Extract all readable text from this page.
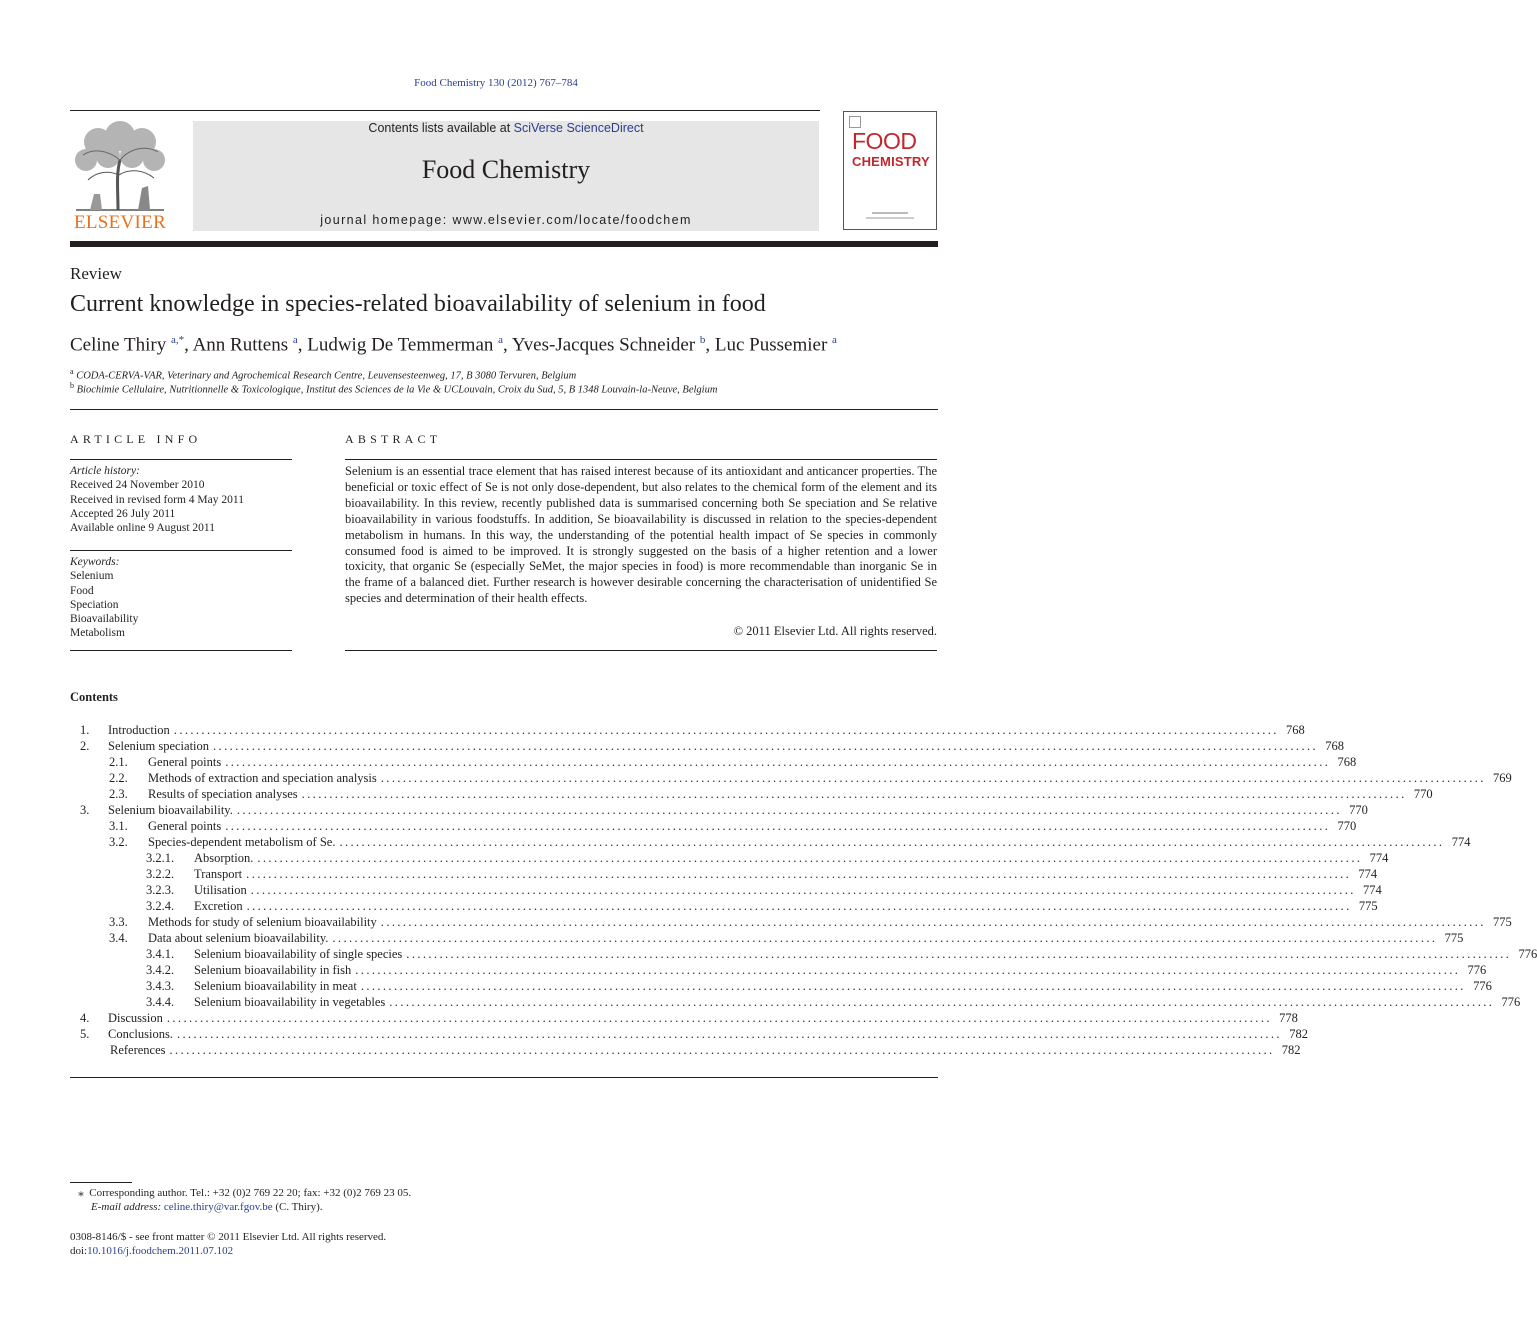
Food Chemistry 130 (2012) 767–784
ELSEVIER
Contents lists available at SciVerse ScienceDirect
Food Chemistry
journal homepage: www.elsevier.com/locate/foodchem
FOOD
CHEMISTRY
Review
Current knowledge in species-related bioavailability of selenium in food
Celine Thiry $^{a,*}$, Ann Ruttens $^a$, Ludwig De Temmerman $^a$, Yves-Jacques Schneider $^b$, Luc Pussemier $^a$
$^a$ CODA-CERVA-VAR, Veterinary and Agrochemical Research Centre, Leuvensesteenweg, 17, B 3080 Tervuren, Belgium
$^b$ Biochimie Cellulaire, Nutritionnelle & Toxicologique, Institut des Sciences de la Vie & UCLouvain, Croix du Sud, 5, B 1348 Louvain-la-Neuve, Belgium
ARTICLE INFO
Article history:
Received 24 November 2010
Received in revised form 4 May 2011
Accepted 26 July 2011
Available online 9 August 2011
Keywords:
Selenium
Food
Speciation
Bioavailability
Metabolism
ABSTRACT
Selenium is an essential trace element that has raised interest because of its antioxidant and anticancer properties. The beneficial or toxic effect of Se is not only dose-dependent, but also relates to the chemical form of the element and its bioavailability. In this review, recently published data is summarised concerning both Se speciation and Se relative bioavailability in various foodstuffs. In addition, Se bioavailability is discussed in relation to the species-dependent metabolism in humans. In this way, the understanding of the potential health impact of Se species in commonly consumed food is aimed to be improved. It is strongly suggested on the basis of a higher retention and a lower toxicity, that organic Se (especially SeMet, the major species in food) is more recommendable than inorganic Se in the frame of a balanced diet. Further research is however desirable concerning the characterisation of unidentified Se species and determination of their health effects.
© 2011 Elsevier Ltd. All rights reserved.
Contents
1. Introduction ........................................................................................................................................................................................................ 768
2. Selenium speciation ........................................................................................................................................................................................................ 768
2.1. General points ........................................................................................................................................................................................................ 768
2.2. Methods of extraction and speciation analysis ........................................................................................................................................................................................................ 769
2.3. Results of speciation analyses ........................................................................................................................................................................................................ 770
3. Selenium bioavailability. ........................................................................................................................................................................................................ 770
3.1. General points ........................................................................................................................................................................................................ 770
3.2. Species-dependent metabolism of Se. ........................................................................................................................................................................................................ 774
3.2.1. Absorption. ........................................................................................................................................................................................................ 774
3.2.2. Transport ........................................................................................................................................................................................................ 774
3.2.3. Utilisation ........................................................................................................................................................................................................ 774
3.2.4. Excretion ........................................................................................................................................................................................................ 775
3.3. Methods for study of selenium bioavailability ........................................................................................................................................................................................................ 775
3.4. Data about selenium bioavailability. ........................................................................................................................................................................................................ 775
3.4.1. Selenium bioavailability of single species ........................................................................................................................................................................................................ 776
3.4.2. Selenium bioavailability in fish ........................................................................................................................................................................................................ 776
3.4.3. Selenium bioavailability in meat ........................................................................................................................................................................................................ 776
3.4.4. Selenium bioavailability in vegetables ........................................................................................................................................................................................................ 776
4. Discussion ........................................................................................................................................................................................................ 778
5. Conclusions. ........................................................................................................................................................................................................ 782
References ........................................................................................................................................................................................................ 782
⁎  Corresponding author. Tel.: +32 (0)2 769 22 20; fax: +32 (0)2 769 23 05.
E-mail address: celine.thiry@var.fgov.be (C. Thiry).
0308-8146/$ - see front matter © 2011 Elsevier Ltd. All rights reserved.
doi:10.1016/j.foodchem.2011.07.102
